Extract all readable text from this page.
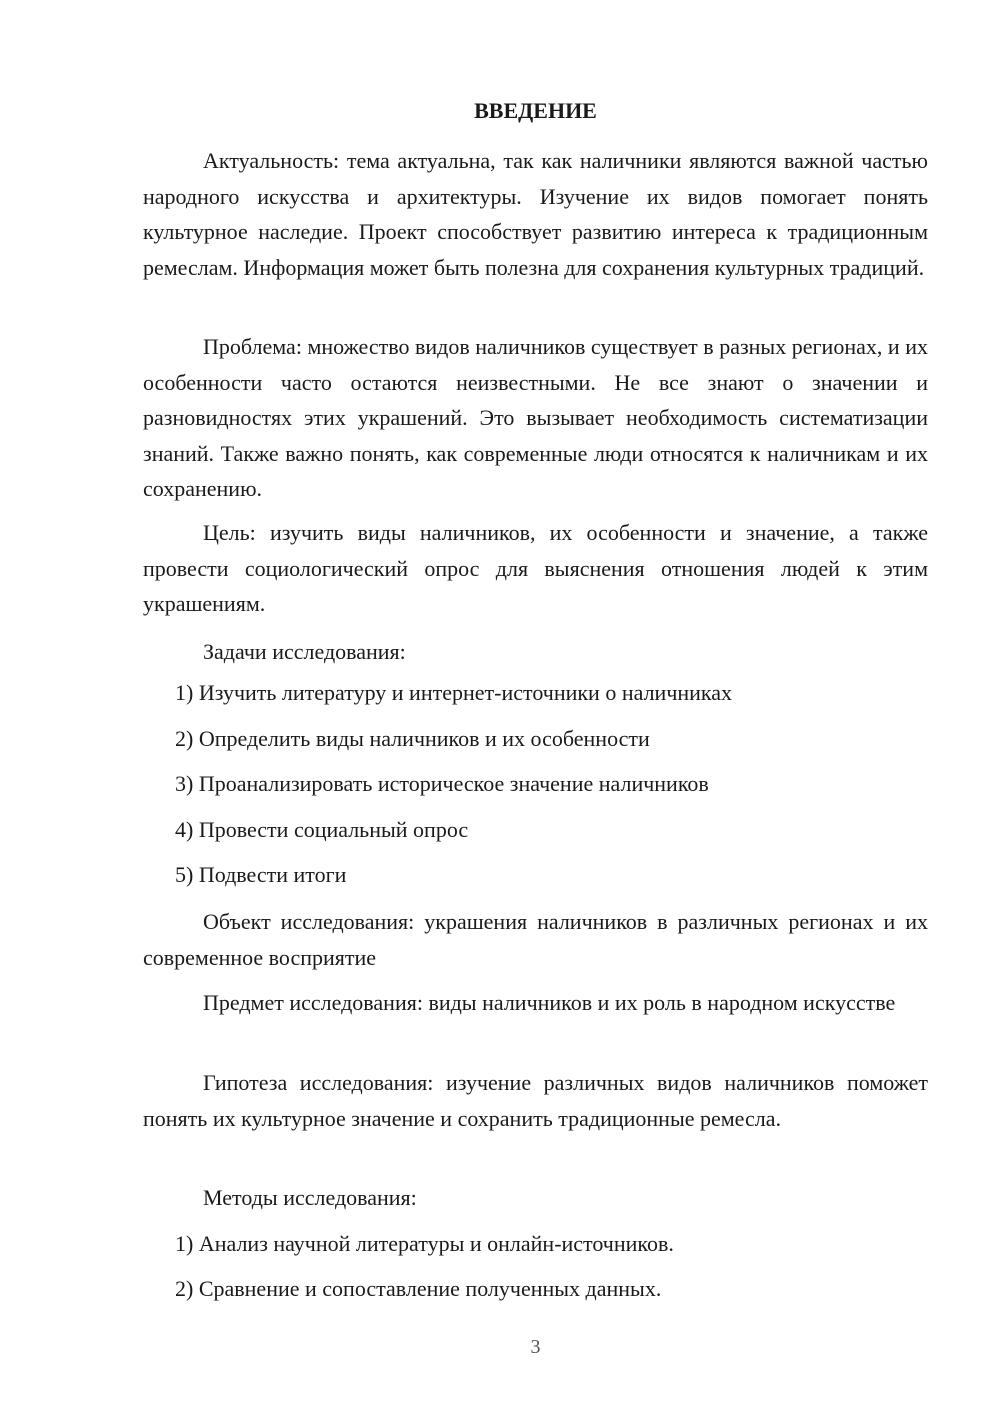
ВВЕДЕНИЕ

Актуальность: тема актуальна, так как наличники являются важной частью народного искусства и архитектуры. Изучение их видов помогает понять культурное наследие. Проект способствует развитию интереса к традиционным ремеслам. Информация может быть полезна для сохранения культурных традиций.

Проблема: множество видов наличников существует в разных регионах, и их особенности часто остаются неизвестными. Не все знают о значении и разновидностях этих украшений. Это вызывает необходимость систематизации знаний. Также важно понять, как современные люди относятся к наличникам и их сохранению.

Цель: изучить виды наличников, их особенности и значение, а также провести социологический опрос для выяснения отношения людей к этим украшениям.

Задачи исследования:

1) Изучить литературу и интернет-источники о наличниках

2) Определить виды наличников и их особенности

3) Проанализировать историческое значение наличников

4) Провести социальный опрос

5) Подвести итоги

Объект исследования: украшения наличников в различных регионах и их современное восприятие

Предмет исследования: виды наличников и их роль в народном искусстве

Гипотеза исследования: изучение различных видов наличников поможет понять их культурное значение и сохранить традиционные ремесла.

Методы исследования:

1) Анализ научной литературы и онлайн-источников.

2) Сравнение и сопоставление полученных данных.

3
